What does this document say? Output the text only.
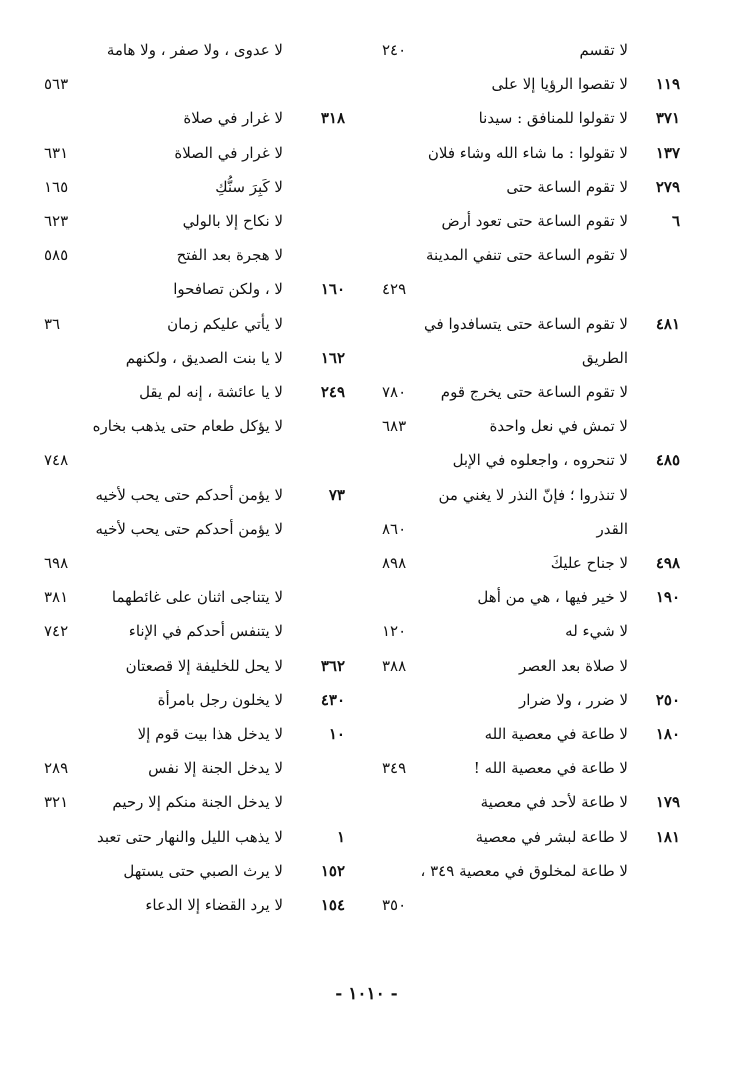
لا تقسم
٢٤٠
١١٩
لا تقصوا الرؤيا إلا على
٣٧١
لا تقولوا للمنافق : سيدنا
١٣٧
لا تقولوا : ما شاء الله وشاء فلان
٢٧٩
لا تقوم الساعة حتى
٦
لا تقوم الساعة حتى تعود أرض
لا تقوم الساعة حتى تنفي المدينة
٤٢٩
٤٨١
لا تقوم الساعة حتى يتسافدوا في
الطريق
لا تقوم الساعة حتى يخرج قوم
٧٨٠
لا تمش في نعل واحدة
٦٨٣
٤٨٥
لا تنحروه ، واجعلوه في الإبل
لا تنذروا ؛ فإنّ النذر لا يغني من
القدر
٨٦٠
٤٩٨
لا جناح عليكَ
٨٩٨
١٩٠
لا خير فيها ، هي من أهل
لا شيء له
١٢٠
لا صلاة بعد العصر
٣٨٨
٢٥٠
لا ضرر ، ولا ضرار
١٨٠
لا طاعة في معصية الله
لا طاعة في معصية الله !
٣٤٩
١٧٩
لا طاعة لأحد في معصية
١٨١
لا طاعة لبشر في معصية
لا طاعة لمخلوق في معصية ٣٤٩ ،
٣٥٠
لا عدوى ، ولا صفر ، ولا هامة
٥٦٣
٣١٨
لا غرار في صلاة
لا غرار في الصلاة
٦٣١
لا كَبِرَ سنُّكِ
١٦٥
لا نكاح إلا بالولي
٦٢٣
لا هجرة بعد الفتح
٥٨٥
١٦٠
لا ، ولكن تصافحوا
لا يأتي عليكم زمان
٣٦
١٦٢
لا يا بنت الصديق ، ولكنهم
٢٤٩
لا يا عائشة ، إنه لم يقل
لا يؤكل طعام حتى يذهب بخاره
٧٤٨
٧٣
لا يؤمن أحدكم حتى يحب لأخيه
لا يؤمن أحدكم حتى يحب لأخيه
٦٩٨
لا يتناجى اثنان على غائطهما
٣٨١
لا يتنفس أحدكم في الإناء
٧٤٢
٣٦٢
لا يحل للخليفة إلا قصعتان
٤٣٠
لا يخلون رجل بامرأة
١٠
لا يدخل هذا بيت قوم إلا
لا يدخل الجنة إلا نفس
٢٨٩
لا يدخل الجنة منكم إلا رحيم
٣٢١
١
لا يذهب الليل والنهار حتى تعبد
١٥٢
لا يرث الصبي حتى يستهل
١٥٤
لا يرد القضاء إلا الدعاء
- ١٠١٠ -
